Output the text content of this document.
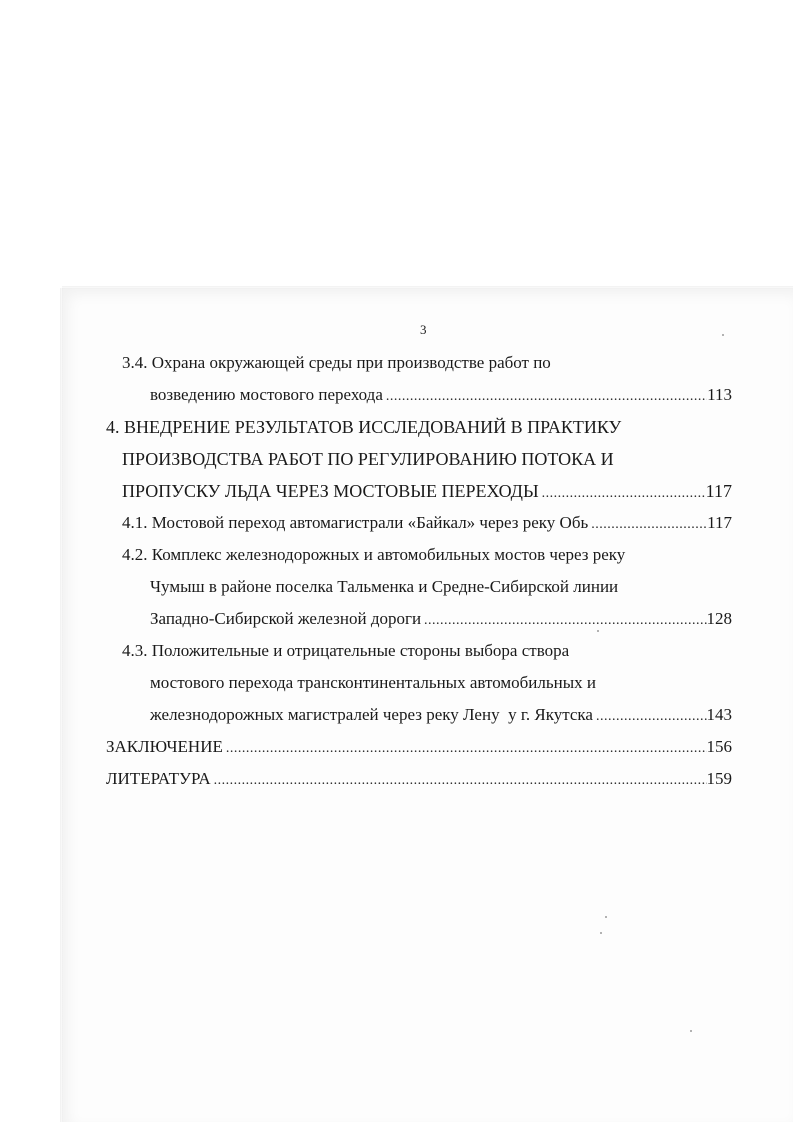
3
3.4. Охрана окружающей среды при производстве работ по
возведению мостового перехода . . .	113
4. ВНЕДРЕНИЕ РЕЗУЛЬТАТОВ ИССЛЕДОВАНИЙ В ПРАКТИКУ
ПРОИЗВОДСТВА РАБОТ ПО РЕГУЛИРОВАНИЮ ПОТОКА И
ПРОПУСКУ ЛЬДА ЧЕРЕЗ МОСТОВЫЕ ПЕРЕХОДЫ . . .	117
4.1. Мостовой переход автомагистрали «Байкал» через реку Обь . . .	117
4.2. Комплекс железнодорожных и автомобильных мостов через реку
Чумыш в районе поселка Тальменка и Средне-Сибирской линии
Западно-Сибирской железной дороги . . .	128
4.3. Положительные и отрицательные стороны выбора створа
мостового перехода трансконтинентальных автомобильных и
железнодорожных магистралей через реку Лену  у г. Якутска . . .	143
ЗАКЛЮЧЕНИЕ . . .	156
ЛИТЕРАТУРА . . .	159
